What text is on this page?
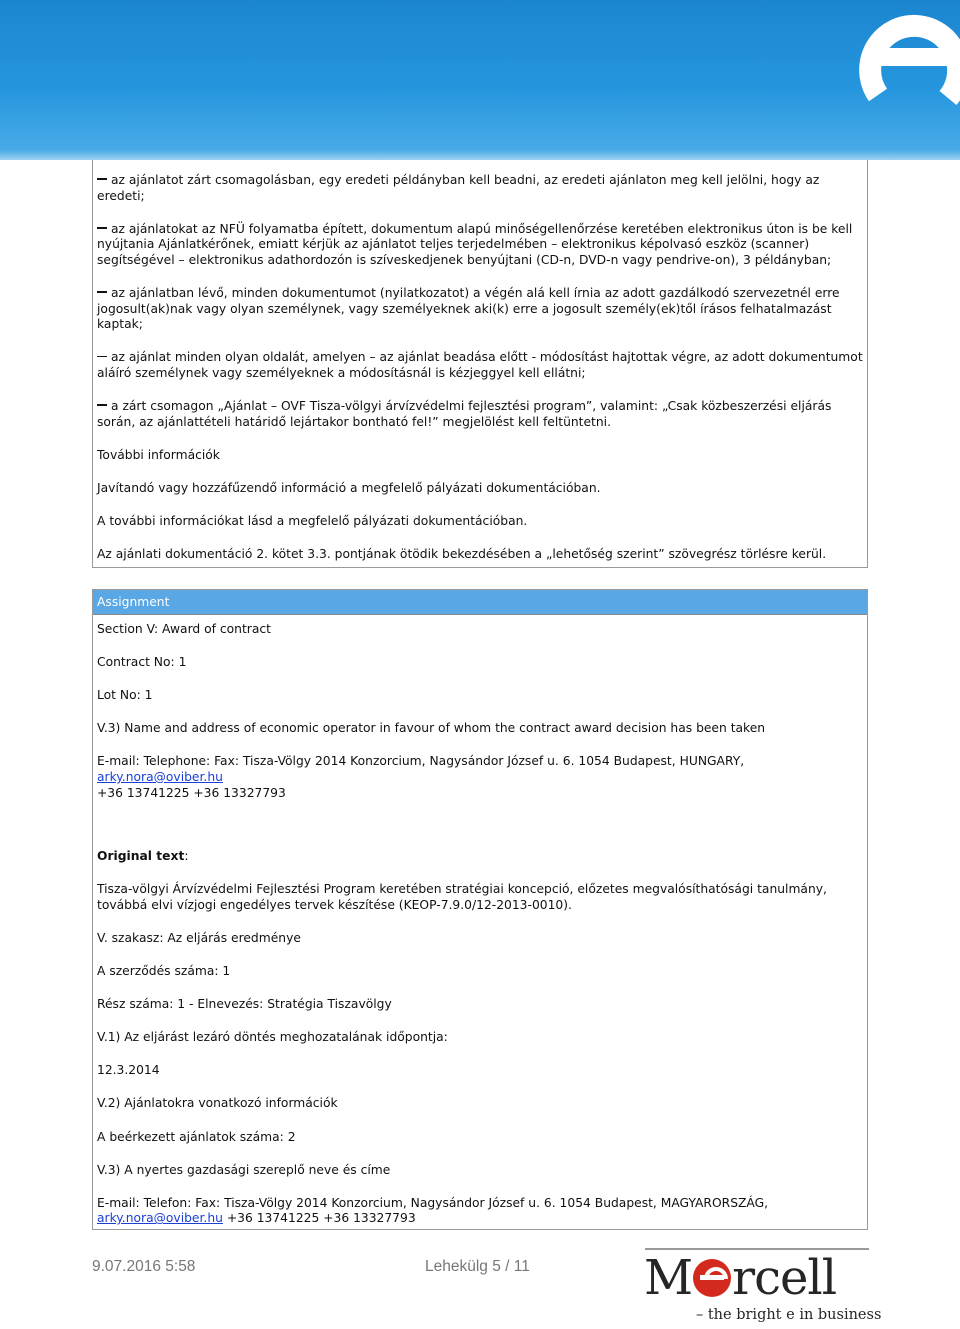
az ajánlatot zárt csomagolásban, egy eredeti példányban kell beadni, az eredeti ajánlaton meg kell jelölni, hogy az eredeti;

az ajánlatokat az NFÜ folyamatba épített, dokumentum alapú minőségellenőrzése keretében elektronikus úton is be kell nyújtania Ajánlatkérőnek, emiatt kérjük az ajánlatot teljes terjedelmében – elektronikus képolvasó eszköz (scanner) segítségével – elektronikus adathordozón is szíveskedjenek benyújtani (CD-n, DVD-n vagy pendrive-on), 3 példányban;

az ajánlatban lévő, minden dokumentumot (nyilatkozatot) a végén alá kell írnia az adott gazdálkodó szervezetnél erre jogosult(ak)nak vagy olyan személynek, vagy személyeknek aki(k) erre a jogosult személy(ek)től írásos felhatalmazást kaptak;

az ajánlat minden olyan oldalát, amelyen – az ajánlat beadása előtt - módosítást hajtottak végre, az adott dokumentumot aláíró személynek vagy személyeknek a módosításnál is kézjeggyel kell ellátni;

a zárt csomagon „Ajánlat – OVF Tisza-völgyi árvízvédelmi fejlesztési program”, valamint: „Csak közbeszerzési eljárás során, az ajánlattételi határidő lejártakor bontható fel!” megjelölést kell feltüntetni.

További információk

Javítandó vagy hozzáfűzendő információ a megfelelő pályázati dokumentációban.

A további információkat lásd a megfelelő pályázati dokumentációban.

Az ajánlati dokumentáció 2. kötet 3.3. pontjának ötödik bekezdésében a „lehetőség szerint” szövegrész törlésre kerül.

Assignment

Section V: Award of contract

Contract No: 1

Lot No: 1

V.3) Name and address of economic operator in favour of whom the contract award decision has been taken

E-mail: Telephone: Fax: Tisza-Völgy 2014 Konzorcium, Nagysándor József u. 6. 1054 Budapest, HUNGARY, arky.nora@oviber.hu
+36 13741225 +36 13327793

Original text:

Tisza-völgyi Árvízvédelmi Fejlesztési Program keretében stratégiai koncepció, előzetes megvalósíthatósági tanulmány, továbbá elvi vízjogi engedélyes tervek készítése (KEOP-7.9.0/12-2013-0010).

V. szakasz: Az eljárás eredménye

A szerződés száma: 1

Rész száma: 1 - Elnevezés: Stratégia Tiszavölgy

V.1) Az eljárást lezáró döntés meghozatalának időpontja:

12.3.2014

V.2) Ajánlatokra vonatkozó információk

A beérkezett ajánlatok száma: 2

V.3) A nyertes gazdasági szereplő neve és címe

E-mail: Telefon: Fax: Tisza-Völgy 2014 Konzorcium, Nagysándor József u. 6. 1054 Budapest, MAGYARORSZÁG,
arky.nora@oviber.hu +36 13741225 +36 13327793

9.07.2016 5:58	Lehekülg 5 / 11 M rcell
– the bright e in business
